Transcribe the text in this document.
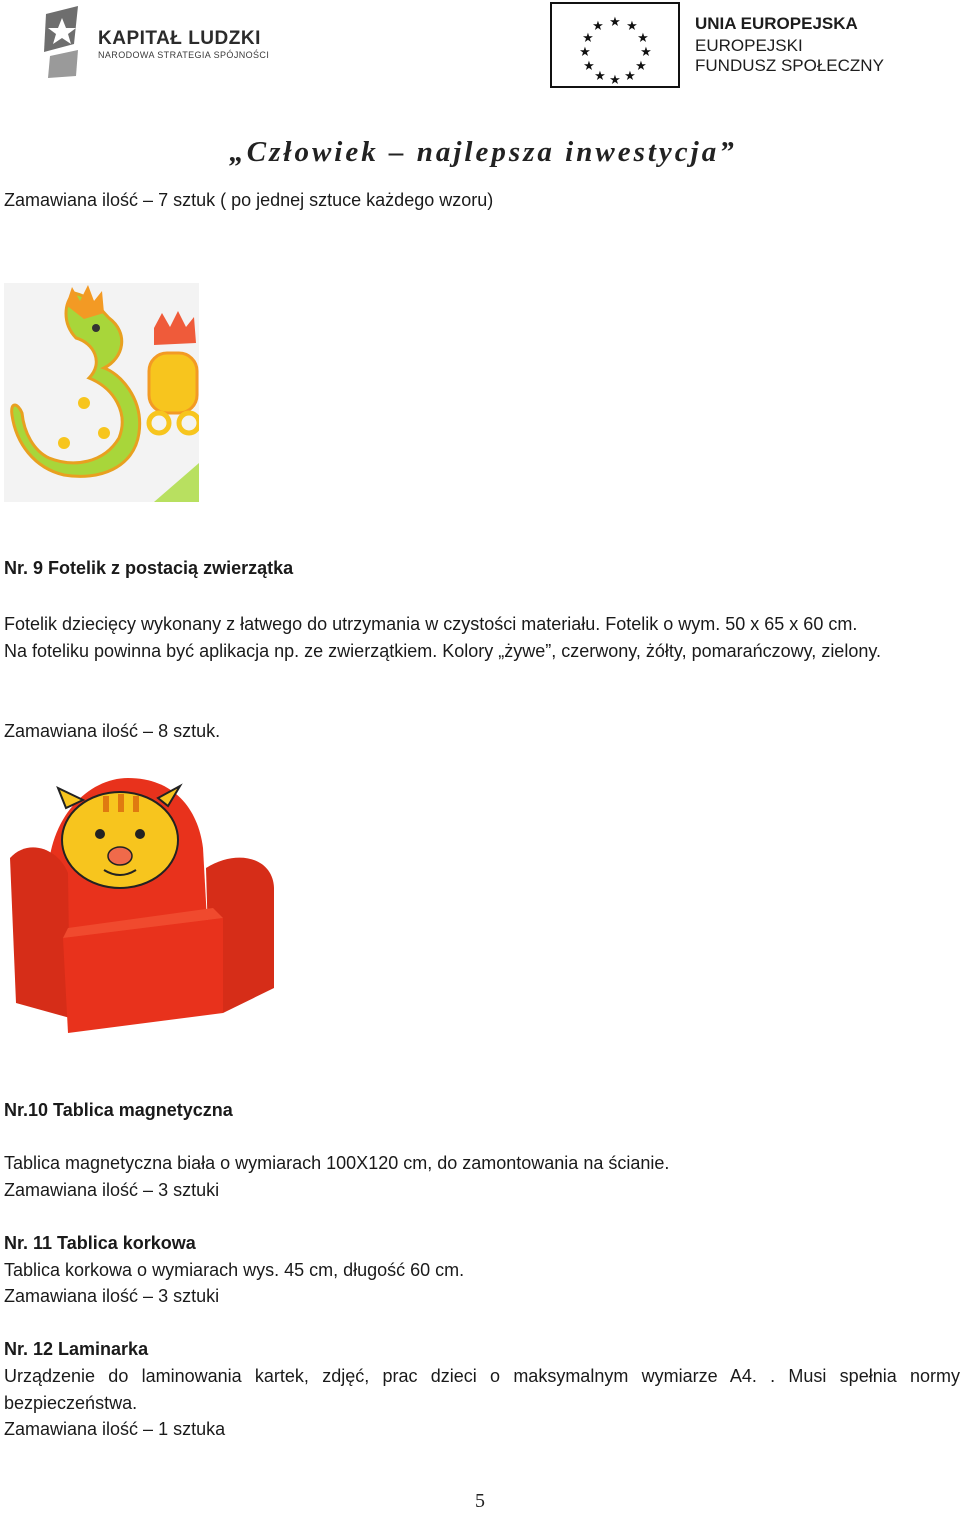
KAPITAŁ LUDZKI
NARODOWA STRATEGIA SPÓJNOŚCI
★ ★
★
★
★
★
★
★
★
★
★
★	UNIA EUROPEJSKA
EUROPEJSKI
FUNDUSZ SPOŁECZNY
„Człowiek – najlepsza inwestycja”
Zamawiana ilość – 7 sztuk ( po jednej sztuce każdego wzoru)
Nr. 9 Fotelik z postacią zwierzątka
Fotelik dziecięcy wykonany z łatwego do utrzymania w czystości materiału. Fotelik o wym. 50 x 65 x 60 cm.
Na foteliku powinna być aplikacja np. ze zwierzątkiem. Kolory „żywe”, czerwony, żółty, pomarańczowy, zielony.
Zamawiana ilość – 8 sztuk.
Nr.10 Tablica magnetyczna
Tablica magnetyczna biała o wymiarach 100X120 cm, do zamontowania na ścianie.
Zamawiana ilość – 3 sztuki
Nr. 11 Tablica korkowa
Tablica korkowa o wymiarach wys. 45 cm, długość 60 cm.
Zamawiana ilość – 3 sztuki
Nr. 12 Laminarka
Urządzenie do laminowania kartek, zdjęć, prac dzieci o maksymalnym wymiarze A4. . Musi spełnia normy bezpieczeństwa.
Zamawiana ilość – 1 sztuka
5
